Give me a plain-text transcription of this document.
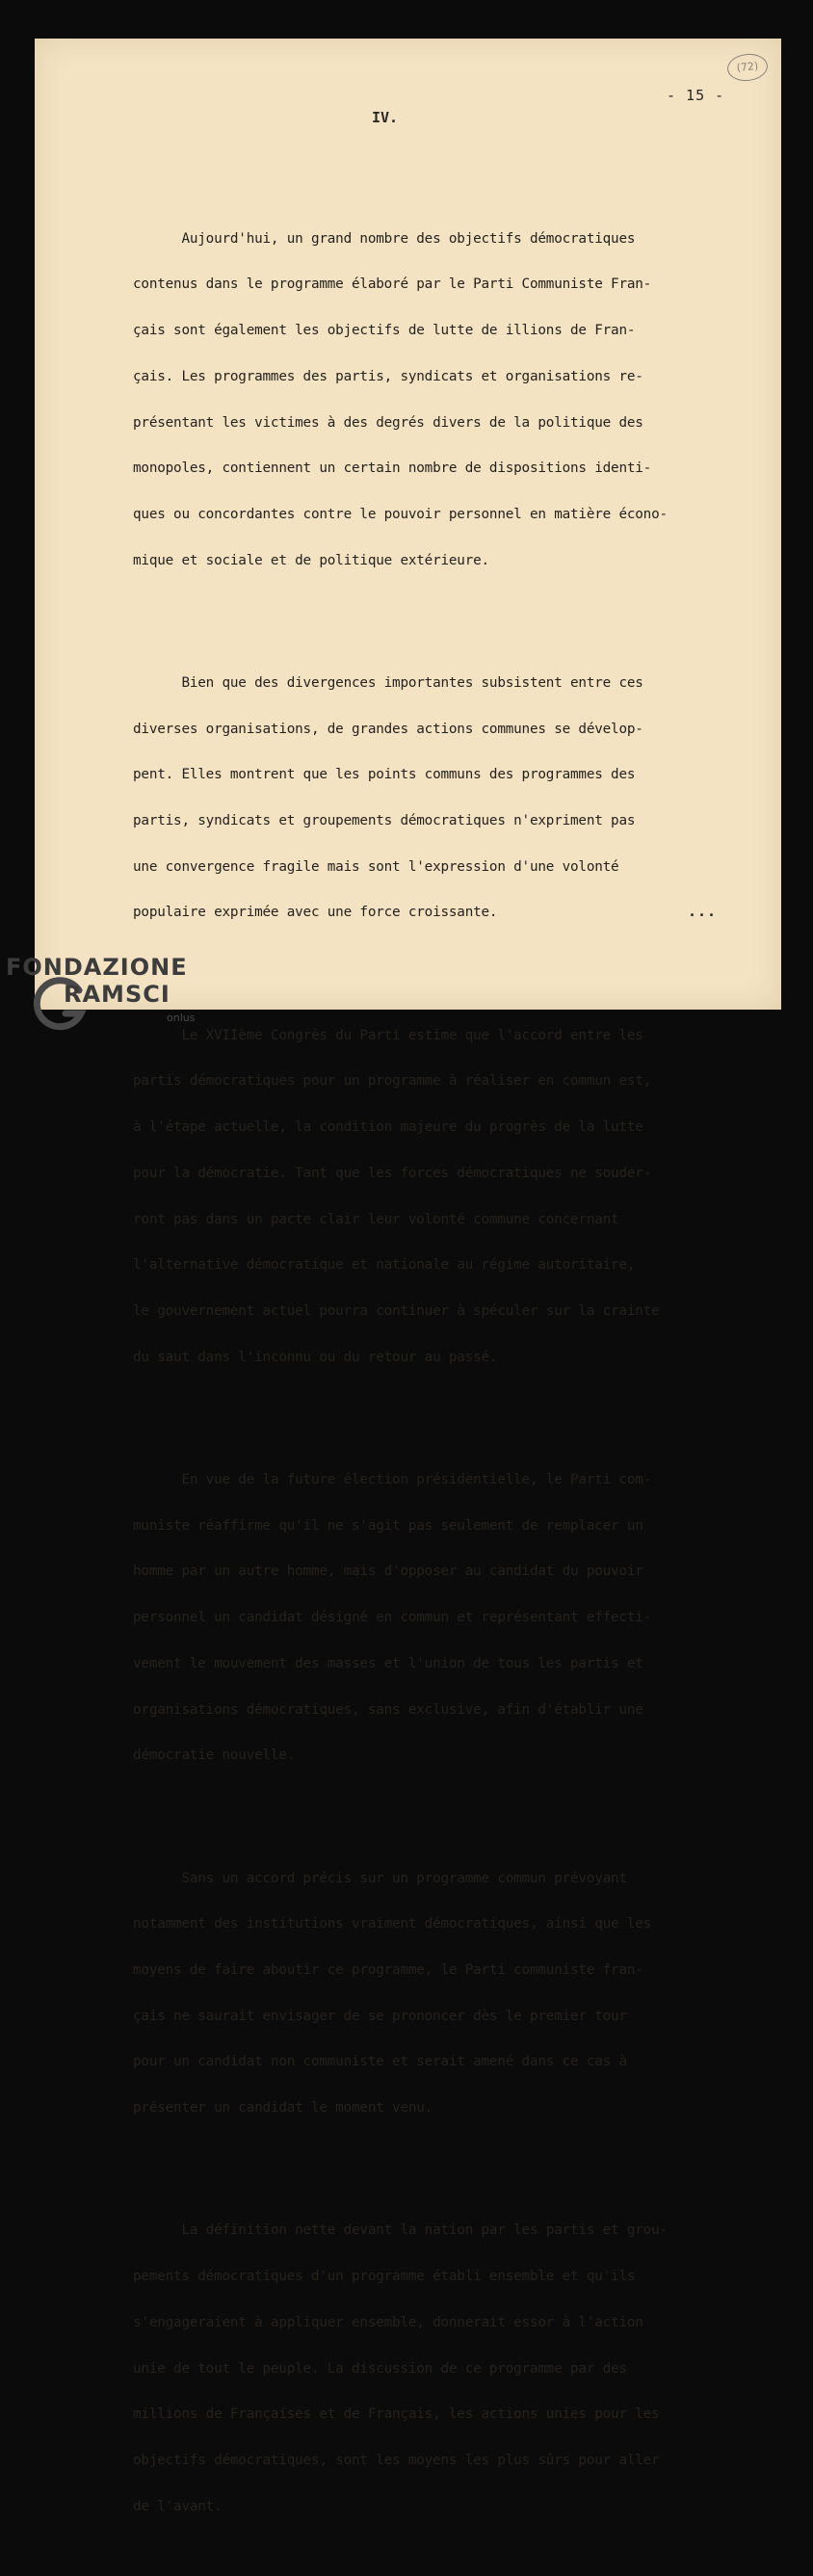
(72)
- 15 -
IV.

Aujourd'hui, un grand nombre des objectifs démocratiques

contenus dans le programme élaboré par le Parti Communiste Fran-

çais sont également les objectifs de lutte de illions de Fran-

çais. Les programmes des partis, syndicats et organisations re-

présentant les victimes à des degrés divers de la politique des

monopoles, contiennent un certain nombre de dispositions identi-

ques ou concordantes contre le pouvoir personnel en matière écono-

mique et sociale et de politique extérieure.

Bien que des divergences importantes subsistent entre ces

diverses organisations, de grandes actions communes se dévelop-

pent. Elles montrent que les points communs des programmes des

partis, syndicats et groupements démocratiques n'expriment pas

une convergence fragile mais sont l'expression d'une volonté

populaire exprimée avec une force croissante.

Le XVIIème Congrès du Parti estime que l'accord entre les

partis démocratiques pour un programme à réaliser en commun est,

à l'étape actuelle, la condition majeure du progrès de la lutte

pour la démocratie. Tant que les forces démocratiques ne souder-

ront pas dans un pacte clair leur volonté commune concernant

l'alternative démocratique et nationale au régime autoritaire,

le gouvernement actuel pourra continuer à spéculer sur la crainte

du saut dans l'inconnu ou du retour au passé.

En vue de la future élection présidentielle, le Parti com-

muniste réaffirme qu'il ne s'agit pas seulement de remplacer un

homme par un autre homme, mais d'opposer au candidat du pouvoir

personnel un candidat désigné en commun et représentant effecti-

vement le mouvement des masses et l'union de tous les partis et

organisations démocratiques, sans exclusive, afin d'établir une

démocratie nouvelle.

Sans un accord précis sur un programme commun prévoyant

notamment des institutions vraiment démocratiques, ainsi que les

moyens de faire aboutir ce programme, le Parti communiste fran-

çais ne saurait envisager de se prononcer dès le premier tour

pour un candidat non communiste et serait amené dans ce cas à

présenter un candidat le moment venu.

La définition nette devant la nation par les partis et grou-

pements démocratiques d'un programme établi ensemble et qu'ils

s'engageraient à appliquer ensemble, donnerait essor à l'action

unie de tout le peuple. La discussion de ce programme par des

millions de Françaises et de Français, les actions unies pour les

objectifs démocratiques, sont les moyens les plus sûrs pour aller

de l'avant.

...
FONDAZIONE
RAMSCI
onlus
